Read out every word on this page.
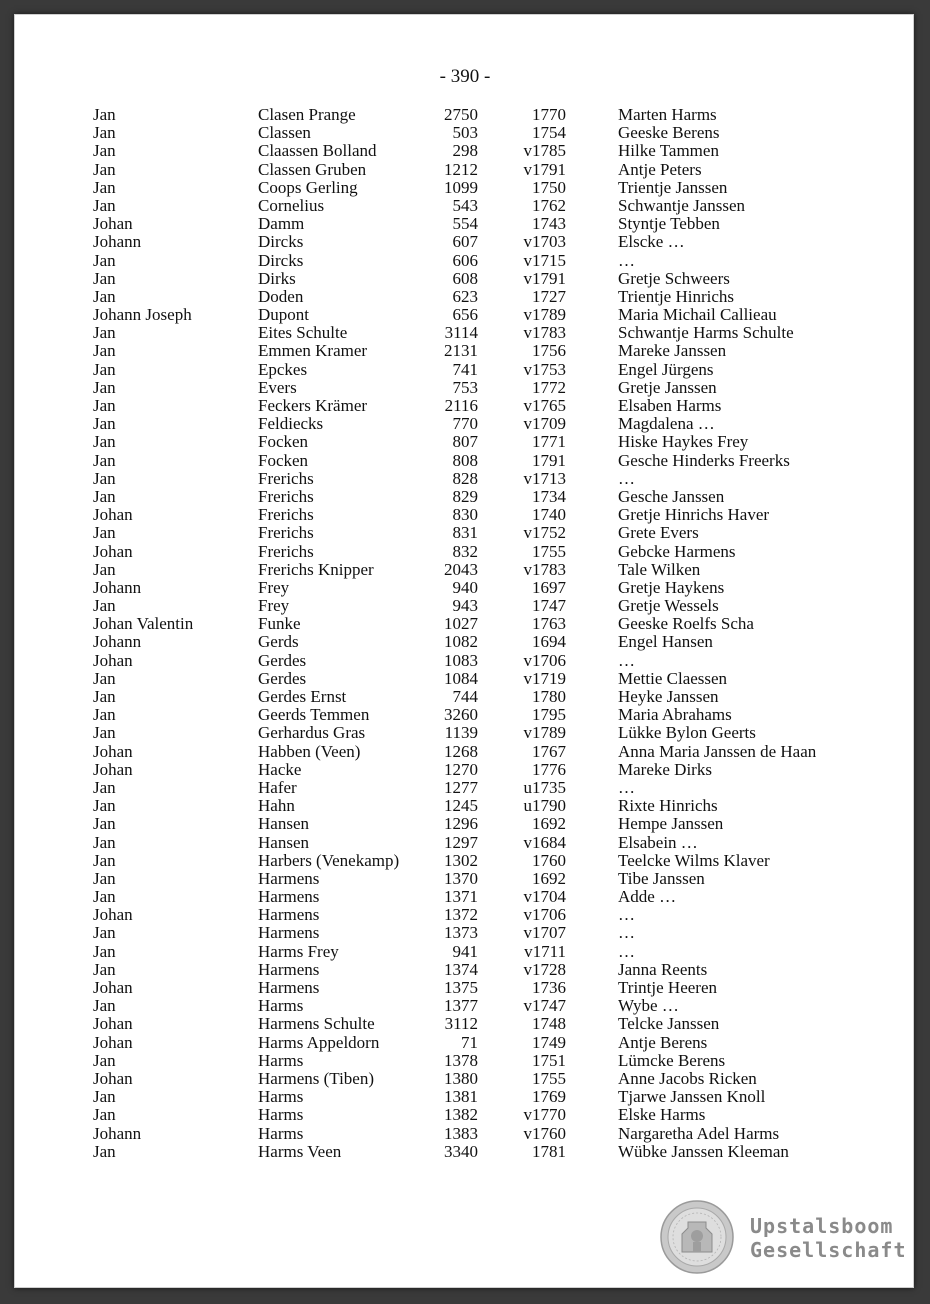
- 390 -
Jan	Clasen Prange	2750	1770	Marten Harms
Jan	Classen	503	1754	Geeske Berens
Jan	Claassen Bolland	298	v1785	Hilke Tammen
Jan	Classen Gruben	1212	v1791	Antje Peters
Jan	Coops Gerling	1099	1750	Trientje Janssen
Jan	Cornelius	543	1762	Schwantje Janssen
Johan	Damm	554	1743	Styntje Tebben
Johann	Dircks	607	v1703	Elscke …
Jan	Dircks	606	v1715	…
Jan	Dirks	608	v1791	Gretje Schweers
Jan	Doden	623	1727	Trientje Hinrichs
Johann Joseph	Dupont	656	v1789	Maria Michail Callieau
Jan	Eites Schulte	3114	v1783	Schwantje Harms Schulte
Jan	Emmen Kramer	2131	1756	Mareke Janssen
Jan	Epckes	741	v1753	Engel Jürgens
Jan	Evers	753	1772	Gretje Janssen
Jan	Feckers Krämer	2116	v1765	Elsaben Harms
Jan	Feldiecks	770	v1709	Magdalena …
Jan	Focken	807	1771	Hiske Haykes Frey
Jan	Focken	808	1791	Gesche Hinderks Freerks
Jan	Frerichs	828	v1713	…
Jan	Frerichs	829	1734	Gesche Janssen
Johan	Frerichs	830	1740	Gretje Hinrichs Haver
Jan	Frerichs	831	v1752	Grete Evers
Johan	Frerichs	832	1755	Gebcke Harmens
Jan	Frerichs Knipper	2043	v1783	Tale Wilken
Johann	Frey	940	1697	Gretje Haykens
Jan	Frey	943	1747	Gretje Wessels
Johan Valentin	Funke	1027	1763	Geeske Roelfs Scha
Johann	Gerds	1082	1694	Engel Hansen
Johan	Gerdes	1083	v1706	…
Jan	Gerdes	1084	v1719	Mettie Claessen
Jan	Gerdes Ernst	744	1780	Heyke Janssen
Jan	Geerds Temmen	3260	1795	Maria Abrahams
Jan	Gerhardus Gras	1139	v1789	Lükke Bylon Geerts
Johan	Habben (Veen)	1268	1767	Anna Maria Janssen de Haan
Johan	Hacke	1270	1776	Mareke Dirks
Jan	Hafer	1277	u1735	…
Jan	Hahn	1245	u1790	Rixte Hinrichs
Jan	Hansen	1296	1692	Hempe Janssen
Jan	Hansen	1297	v1684	Elsabein …
Jan	Harbers (Venekamp)	1302	1760	Teelcke Wilms Klaver
Jan	Harmens	1370	1692	Tibe Janssen
Jan	Harmens	1371	v1704	Adde …
Johan	Harmens	1372	v1706	…
Jan	Harmens	1373	v1707	…
Jan	Harms Frey	941	v1711	…
Jan	Harmens	1374	v1728	Janna Reents
Johan	Harmens	1375	1736	Trintje Heeren
Jan	Harms	1377	v1747	Wybe …
Johan	Harmens Schulte	3112	1748	Telcke Janssen
Johan	Harms Appeldorn	71	1749	Antje Berens
Jan	Harms	1378	1751	Lümcke Berens
Johan	Harmens (Tiben)	1380	1755	Anne Jacobs Ricken
Jan	Harms	1381	1769	Tjarwe Janssen Knoll
Jan	Harms	1382	v1770	Elske Harms
Johann	Harms	1383	v1760	Nargaretha Adel Harms
Jan	Harms Veen	3340	1781	Wübke Janssen Kleeman
Upstalsboom
Gesellschaft
